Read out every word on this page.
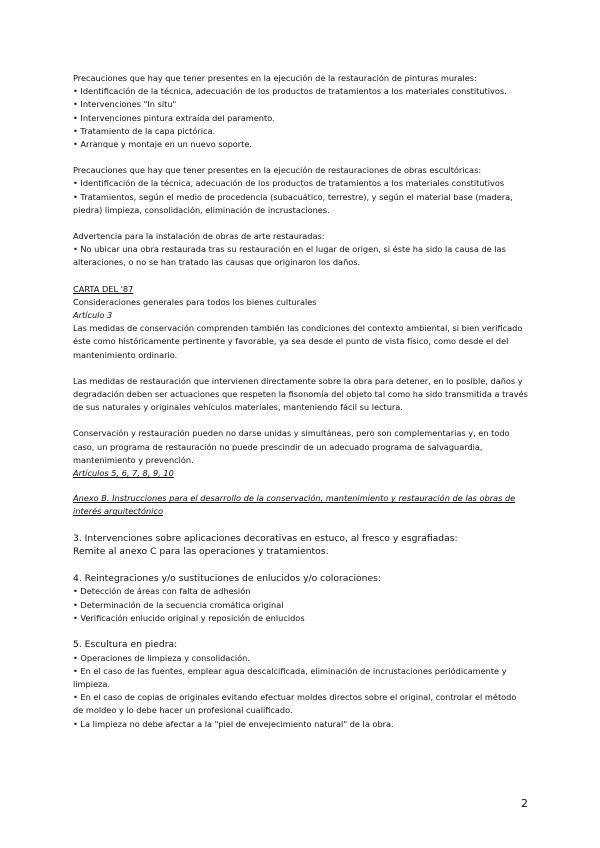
Precauciones que hay que tener presentes en la ejecución de la restauración de pinturas murales:

• Identificación de la técnica, adecuación de los productos de tratamientos a los materiales constitutivos.

• Intervenciones "In situ"

• Intervenciones pintura extraída del paramento.

• Tratamiento de la capa pictórica.

• Arranque y montaje en un nuevo soporte.

Precauciones que hay que tener presentes en la ejecución de restauraciones de obras escultóricas:

• Identificación de la técnica, adecuación de los productos de tratamientos a los materiales constitutivos

• Tratamientos, según el medio de procedencia (subacuático, terrestre), y según el material base (madera, piedra) limpieza, consolidación, eliminación de incrustaciones.

Advertencia para la instalación de obras de arte restauradas:

• No ubicar una obra restaurada tras su restauración en el lugar de origen, si éste ha sido la causa de las alteraciones, o no se han tratado las causas que originaron los daños.

CARTA DEL '87

Consideraciones generales para todos los bienes culturales

Artículo 3

Las medidas de conservación comprenden también las condiciones del contexto ambiental, si bien verificado éste como históricamente pertinente y favorable, ya sea desde el punto de vista físico, como desde el del mantenimiento ordinario.

Las medidas de restauración que intervienen directamente sobre la obra para detener, en lo posible, daños y degradación deben ser actuaciones que respeten la fisonomía del objeto tal como ha sido transmitida a través de sus naturales y originales vehículos materiales, manteniendo fácil su lectura.

Conservación y restauración pueden no darse unidas y simultáneas, pero son complementarias y, en todo caso, un programa de restauración no puede prescindir de un adecuado programa de salvaguardia, mantenimiento y prevención.

Artículos 5, 6, 7, 8, 9, 10

Anexo B. Instrucciones para el desarrollo de la conservación, mantenimiento y restauración de las obras de interés arquitectónico

3. Intervenciones sobre aplicaciones decorativas en estuco, al fresco y esgrafiadas:

Remite al anexo C para las operaciones y tratamientos.

4. Reintegraciones y/o sustituciones de enlucidos y/o coloraciones:

• Detección de áreas con falta de adhesión

• Determinación de la secuencia cromática original

• Verificación enlucido original y reposición de enlucidos

5. Escultura en piedra:

• Operaciones de limpieza y consolidación.

• En el caso de las fuentes, emplear agua descalcificada, eliminación de incrustaciones periódicamente y limpieza.

• En el caso de copias de originales evitando efectuar moldes directos sobre el original, controlar el método de moldeo y lo debe hacer un profesional cualificado.

• La limpieza no debe afectar a la "piel de envejecimiento natural" de la obra.

2
